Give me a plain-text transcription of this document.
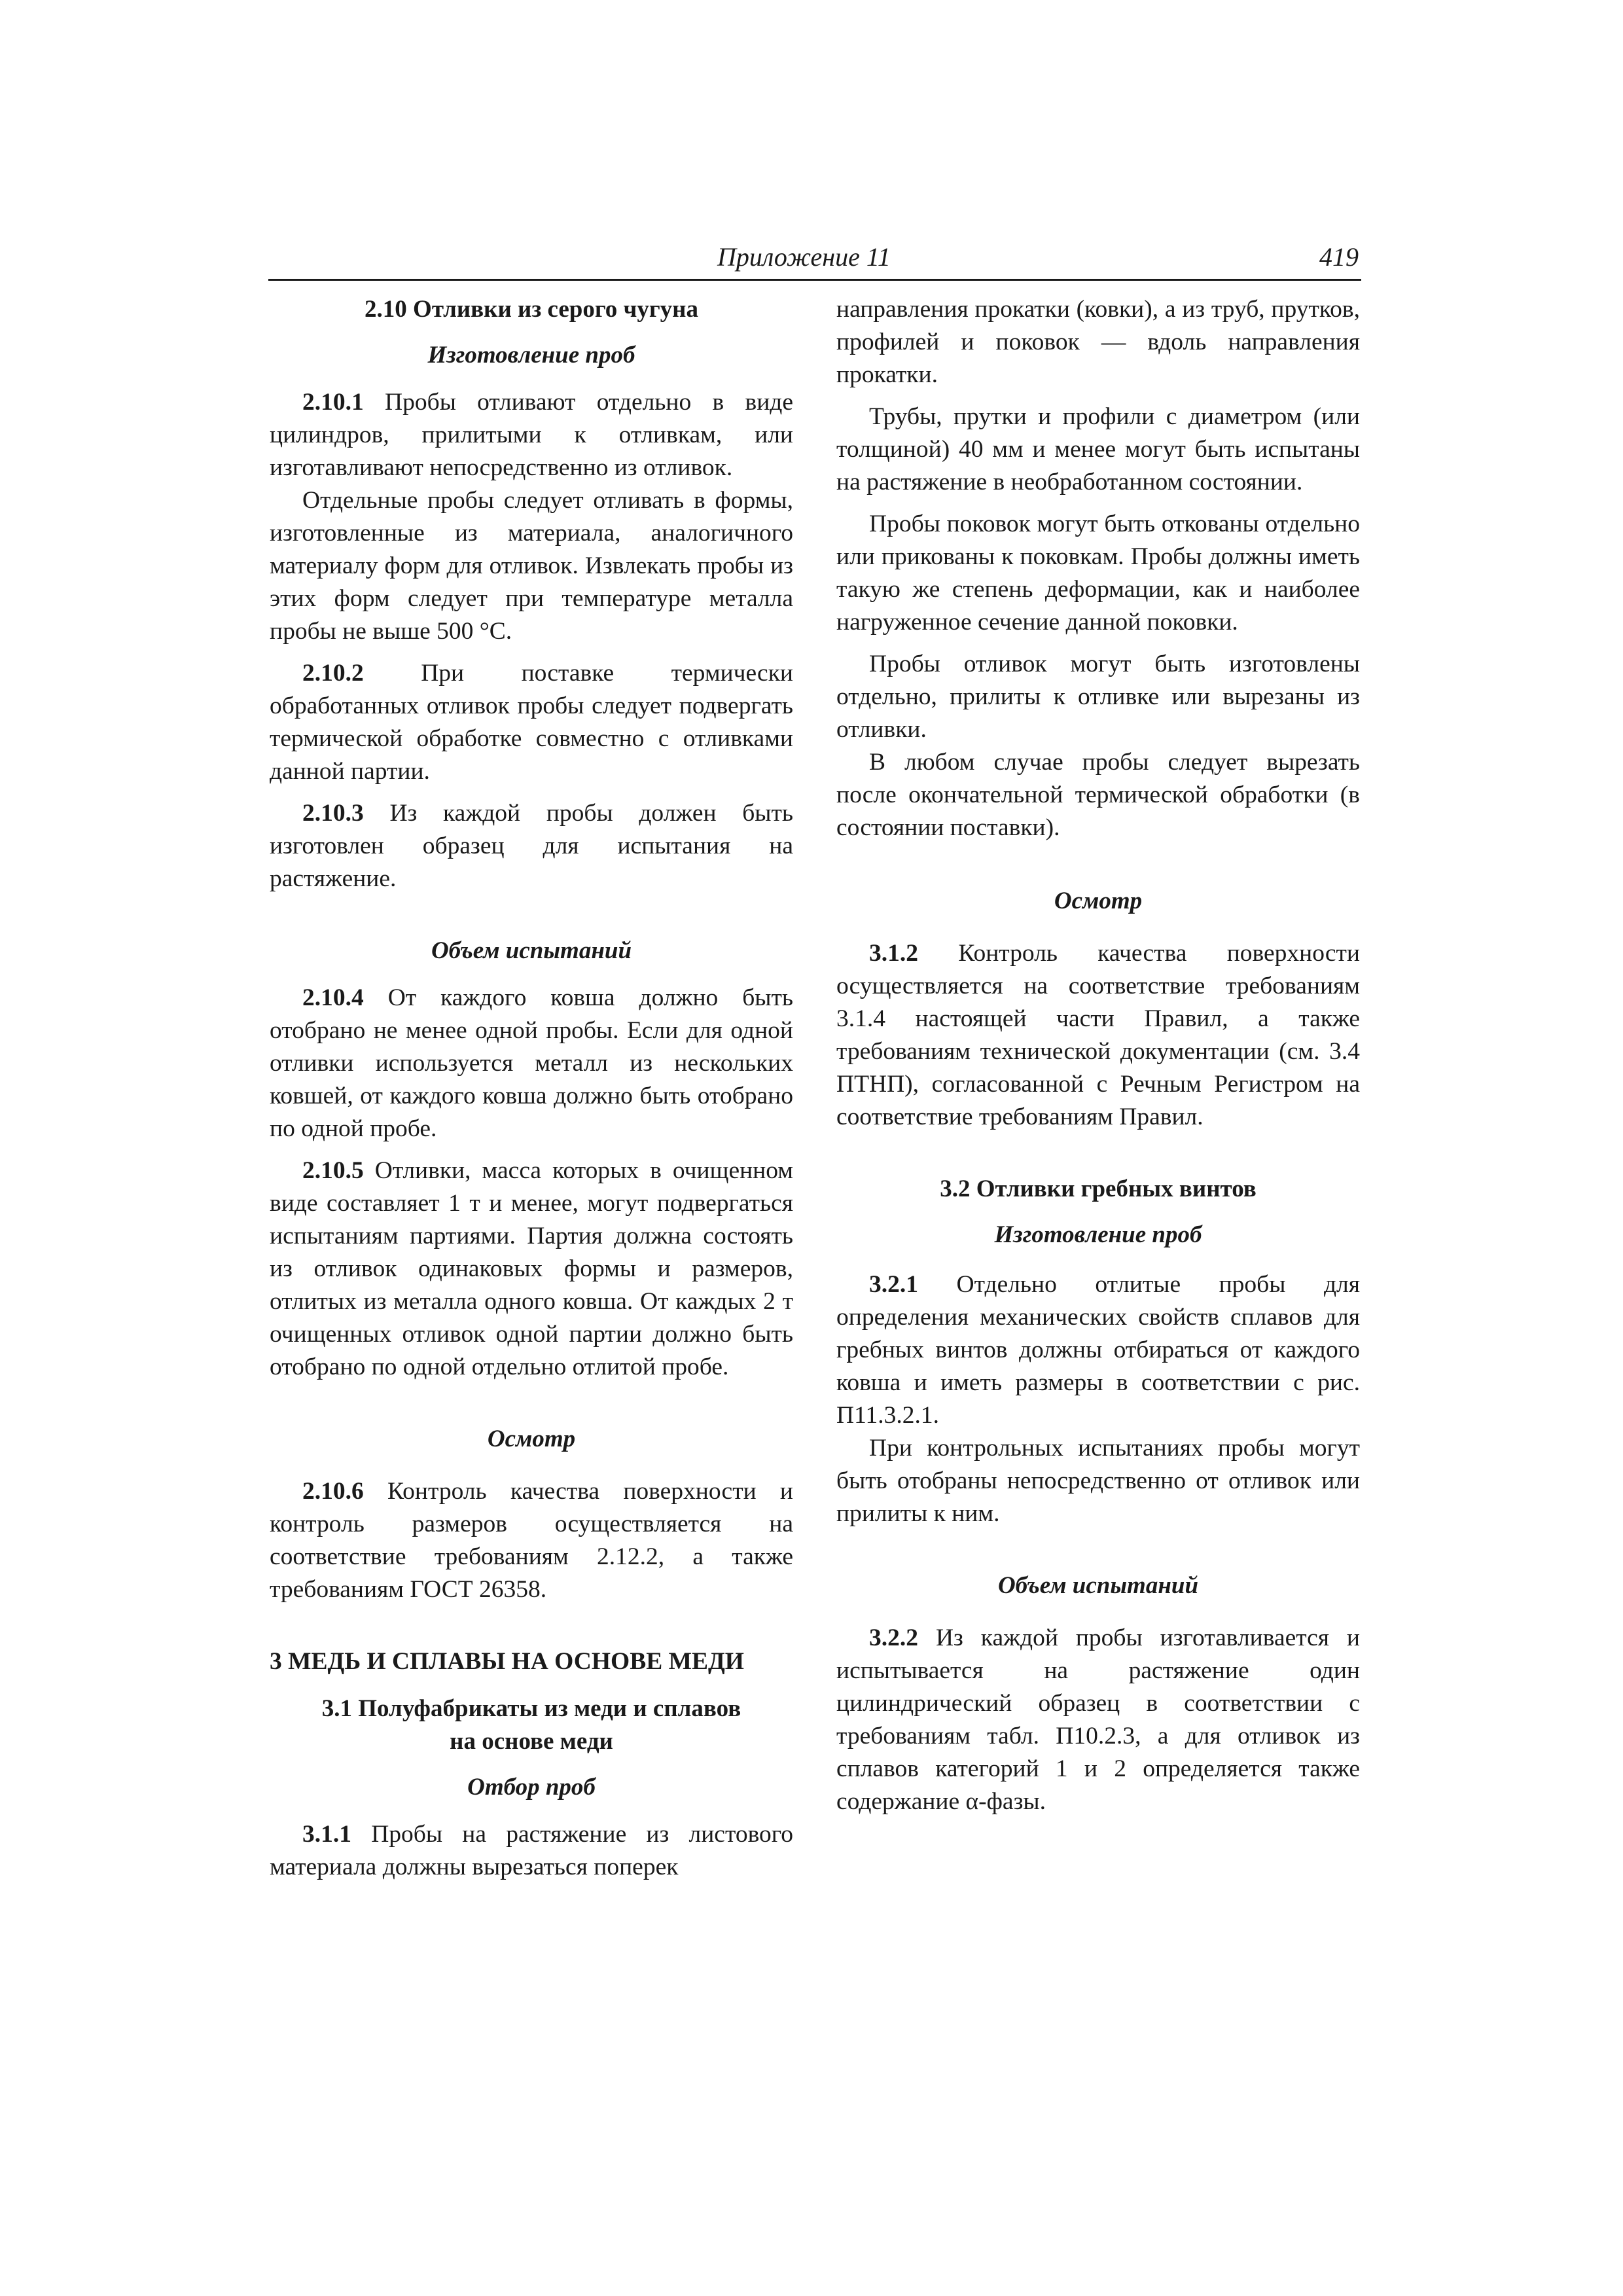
Приложение 11	419
2.10 Отливки из серого чугуна
Изготовление проб

2.10.1 Пробы отливают отдельно в виде цилиндров, прилитыми к отливкам, или изготавливают непосредственно из отливок.

Отдельные пробы следует отливать в формы, изготовленные из материала, аналогичного материалу форм для отливок. Извлекать пробы из этих форм следует при температуре металла пробы не выше 500 °С.

2.10.2 При поставке термически обработанных отливок пробы следует подвергать термической обработке совместно с отливками данной партии.

2.10.3 Из каждой пробы должен быть изготовлен образец для испытания на растяжение.

Объем испытаний

2.10.4 От каждого ковша должно быть отобрано не менее одной пробы. Если для одной отливки используется металл из нескольких ковшей, от каждого ковша должно быть отобрано по одной пробе.

2.10.5 Отливки, масса которых в очищенном виде составляет 1 т и менее, могут подвергаться испытаниям партиями. Партия должна состоять из отливок одинаковых формы и размеров, отлитых из металла одного ковша. От каждых 2 т очищенных отливок одной партии должно быть отобрано по одной отдельно отлитой пробе.

Осмотр

2.10.6 Контроль качества поверхности и контроль размеров осуществляется на соответствие требованиям 2.12.2, а также требованиям ГОСТ 26358.

3 МЕДЬ И СПЛАВЫ НА ОСНОВЕ МЕДИ
3.1 Полуфабрикаты из меди и сплавов
на основе меди
Отбор проб

3.1.1 Пробы на растяжение из листового материала должны вырезаться поперек

направления прокатки (ковки), а из труб, прутков, профилей и поковок — вдоль направления прокатки.

Трубы, прутки и профили с диаметром (или толщиной) 40 мм и менее могут быть испытаны на растяжение в необработанном состоянии.

Пробы поковок могут быть откованы отдельно или прикованы к поковкам. Пробы должны иметь такую же степень деформации, как и наиболее нагруженное сечение данной поковки.

Пробы отливок могут быть изготовлены отдельно, прилиты к отливке или вырезаны из отливки.

В любом случае пробы следует вырезать после окончательной термической обработки (в состоянии поставки).

Осмотр

3.1.2 Контроль качества поверхности осуществляется на соответствие требованиям 3.1.4 настоящей части Правил, а также требованиям технической документации (см. 3.4 ПТНП), согласованной с Речным Регистром на соответствие требованиям Правил.

3.2 Отливки гребных винтов
Изготовление проб

3.2.1 Отдельно отлитые пробы для определения механических свойств сплавов для гребных винтов должны отбираться от каждого ковша и иметь размеры в соответствии с рис. П11.3.2.1.

При контрольных испытаниях пробы могут быть отобраны непосредственно от отливок или прилиты к ним.

Объем испытаний

3.2.2 Из каждой пробы изготавливается и испытывается на растяжение один цилиндрический образец в соответствии с требованиям табл. П10.2.3, а для отливок из сплавов категорий 1 и 2 определяется также содержание α-фазы.
